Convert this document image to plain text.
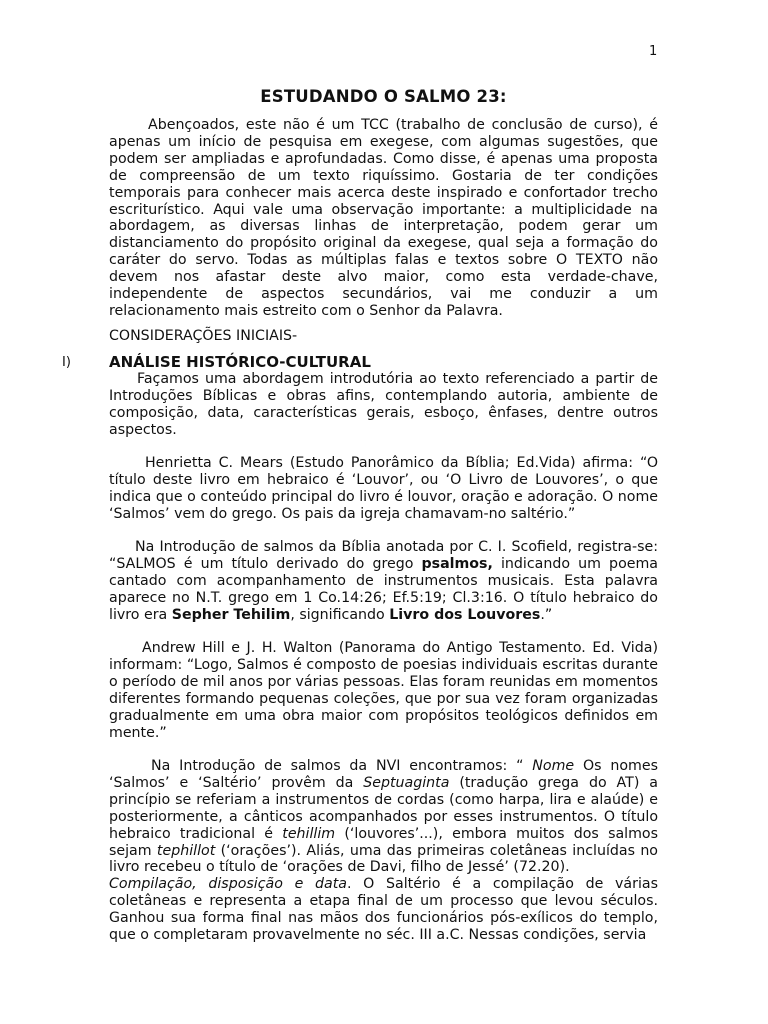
1
ESTUDANDO O SALMO 23:

Abençoados, este não é um TCC (trabalho de conclusão de curso), é apenas um início de pesquisa em exegese, com algumas sugestões, que podem ser ampliadas e aprofundadas. Como disse, é apenas uma proposta de compreensão de um texto riquíssimo. Gostaria de ter condições temporais para conhecer mais acerca deste inspirado e confortador trecho escriturístico. Aqui vale uma observação importante: a multiplicidade na abordagem, as diversas linhas de interpretação, podem gerar um distanciamento do propósito original da exegese, qual seja a formação do caráter do servo. Todas as múltiplas falas e textos sobre O TEXTO não devem nos afastar deste alvo maior, como esta verdade-chave, independente de aspectos secundários, vai me conduzir a um relacionamento mais estreito com o Senhor da Palavra.

CONSIDERAÇÕES INICIAIS-

I)	ANÁLISE HISTÓRICO-CULTURAL

Façamos uma abordagem introdutória ao texto referenciado a partir de Introduções Bíblicas e obras afins, contemplando autoria, ambiente de composição, data, características gerais, esboço, ênfases, dentre outros aspectos.

Henrietta C. Mears (Estudo Panorâmico da Bíblia; Ed.Vida) afirma: “O título deste livro em hebraico é ‘Louvor’, ou ‘O Livro de Louvores’, o que indica que o conteúdo principal do livro é louvor, oração e adoração. O nome ‘Salmos’ vem do grego. Os pais da igreja chamavam-no saltério.”

Na Introdução de salmos da Bíblia anotada por C. I. Scofield, registra-se: “SALMOS é um título derivado do grego psalmos, indicando um poema cantado com acompanhamento de instrumentos musicais. Esta palavra aparece no N.T. grego em 1 Co.14:26; Ef.5:19; Cl.3:16. O título hebraico do livro era Sepher Tehilim, significando Livro dos Louvores.”

Andrew Hill e J. H. Walton (Panorama do Antigo Testamento. Ed. Vida) informam: “Logo, Salmos é composto de poesias individuais escritas durante o período de mil anos por várias pessoas. Elas foram reunidas em momentos diferentes formando pequenas coleções, que por sua vez foram organizadas gradualmente em uma obra maior com propósitos teológicos definidos em mente.”

Na Introdução de salmos da NVI encontramos: “ Nome Os nomes ‘Salmos’ e ‘Saltério’ provêm da Septuaginta (tradução grega do AT) a princípio se referiam a instrumentos de cordas (como harpa, lira e alaúde) e posteriormente, a cânticos acompanhados por esses instrumentos. O título hebraico tradicional é tehillim (‘louvores’...), embora muitos dos salmos sejam tephillot (‘orações’). Aliás, uma das primeiras coletâneas incluídas no livro recebeu o título de ‘orações de Davi, filho de Jessé’ (72.20).

Compilação, disposição e data. O Saltério é a compilação de várias coletâneas e representa a etapa final de um processo que levou séculos. Ganhou sua forma final nas mãos dos funcionários pós-exílicos do templo, que o completaram provavelmente no séc. III a.C. Nessas condições, servia
